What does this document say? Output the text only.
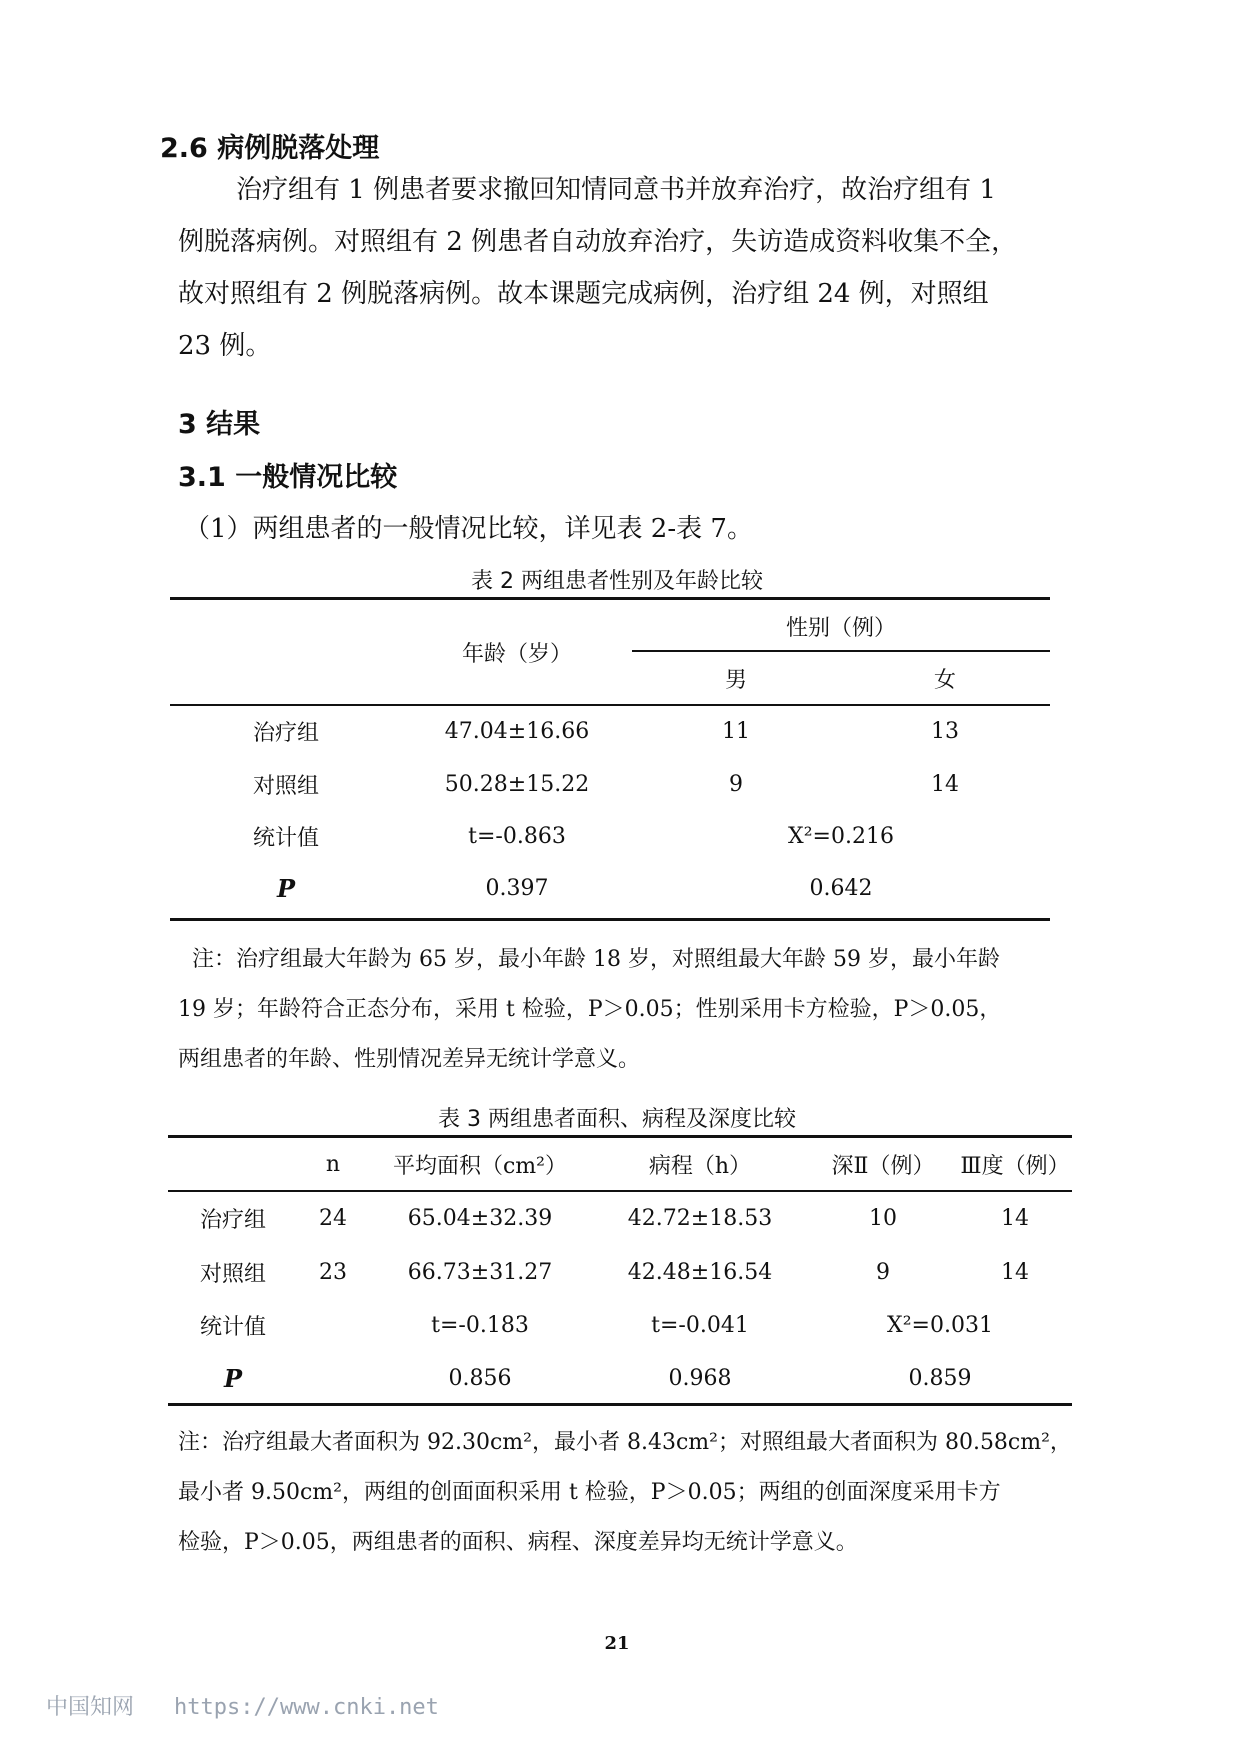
2.6 病例脱落处理
治疗组有 1 例患者要求撤回知情同意书并放弃治疗，故治疗组有 1
例脱落病例。对照组有 2 例患者自动放弃治疗，失访造成资料收集不全，
故对照组有 2 例脱落病例。故本课题完成病例，治疗组 24 例，对照组
23 例。
3 结果
3.1 一般情况比较
（1）两组患者的一般情况比较，详见表 2-表 7。
表 2 两组患者性别及年龄比较
	年龄（岁）	性别（例）	
		男	女
治疗组	47.04±16.66	11	13
对照组	50.28±15.22	9	14
统计值	t=-0.863	X²=0.216	
P	0.397	0.642	
注：治疗组最大年龄为 65 岁，最小年龄 18 岁，对照组最大年龄 59 岁，最小年龄
19 岁；年龄符合正态分布，采用 t 检验，P＞0.05；性别采用卡方检验，P＞0.05，
两组患者的年龄、性别情况差异无统计学意义。
表 3 两组患者面积、病程及深度比较
	n	平均面积（cm²）	病程（h）	深Ⅱ（例）	Ⅲ度（例）
治疗组	24	65.04±32.39	42.72±18.53	10	14
对照组	23	66.73±31.27	42.48±16.54	9	14
统计值		t=-0.183	t=-0.041	X²=0.031	
P		0.856	0.968	0.859	
注：治疗组最大者面积为 92.30cm²，最小者 8.43cm²；对照组最大者面积为 80.58cm²，
最小者 9.50cm²，两组的创面面积采用 t 检验，P＞0.05；两组的创面深度采用卡方
检验，P＞0.05，两组患者的面积、病程、深度差异均无统计学意义。
21
中国知网 https://www.cnki.net
